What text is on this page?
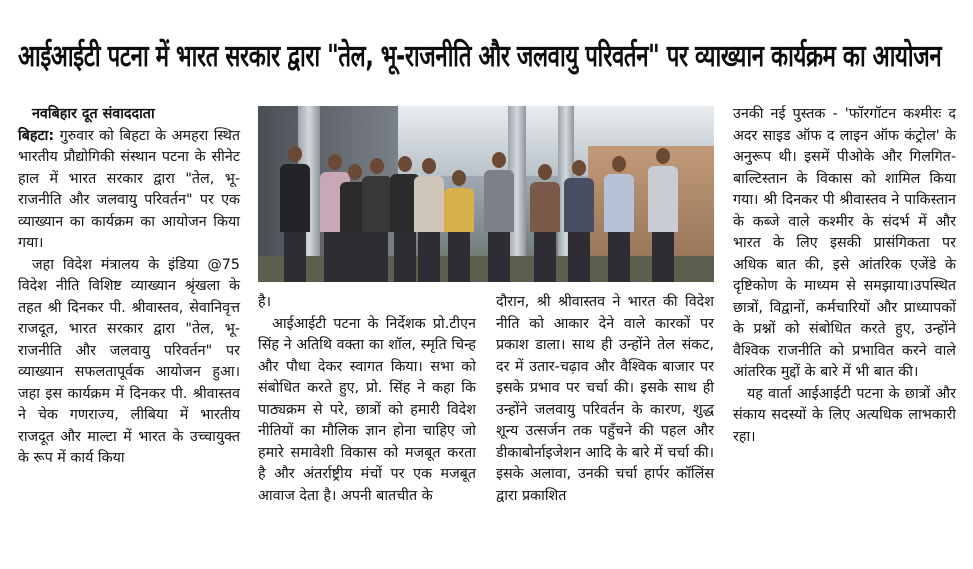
आईआईटी पटना में भारत सरकार द्वारा "तेल, भू-राजनीति और जलवायु परिवर्तन" पर व्याख्यान कार्यक्रम का आयोजन

नवबिहार दूत संवाददाता

बिहटा: गुरुवार को बिहटा के अमहरा स्थित भारतीय प्रौद्योगिकी संस्थान पटना के सीनेट हाल में भारत सरकार द्वारा "तेल, भू-राजनीति और जलवायु परिवर्तन" पर एक व्याख्यान का कार्यक्रम का आयोजन किया गया।

जहा विदेश मंत्रालय के इंडिया @75 विदेश नीति विशिष्ट व्याख्यान श्रृंखला के तहत श्री दिनकर पी. श्रीवास्तव, सेवानिवृत्त राजदूत, भारत सरकार द्वारा "तेल, भू-राजनीति और जलवायु परिवर्तन" पर व्याख्यान सफलतापूर्वक आयोजन हुआ। जहा इस कार्यक्रम में दिनकर पी. श्रीवास्तव ने चेक गणराज्य, लीबिया में भारतीय राजदूत और माल्टा में भारत के उच्चायुक्त के रूप में कार्य किया

है।

आईआईटी पटना के निर्देशक प्रो.टीएन सिंह ने अतिथि वक्ता का शॉल, स्मृति चिन्ह और पौधा देकर स्वागत किया। सभा को संबोधित करते हुए, प्रो. सिंह ने कहा कि पाठ्यक्रम से परे, छात्रों को हमारी विदेश नीतियों का मौलिक ज्ञान होना चाहिए जो हमारे समावेशी विकास को मजबूत करता है और अंतर्राष्ट्रीय मंचों पर एक मजबूत आवाज देता है। अपनी बातचीत के

दौरान, श्री श्रीवास्तव ने भारत की विदेश नीति को आकार देने वाले कारकों पर प्रकाश डाला। साथ ही उन्होंने तेल संकट, दर में उतार-चढ़ाव और वैश्विक बाजार पर इसके प्रभाव पर चर्चा की। इसके साथ ही उन्होंने जलवायु परिवर्तन के कारण, शुद्ध शून्य उत्सर्जन तक पहुँचने की पहल और डीकाबोर्नाइजेशन आदि के बारे में चर्चा की। इसके अलावा, उनकी चर्चा हार्पर कॉलिंस द्वारा प्रकाशित

उनकी नई पुस्तक - 'फॉरगॉटन कश्मीरः द अदर साइड ऑफ द लाइन ऑफ कंट्रोल' के अनुरूप थी। इसमें पीओके और गिलगित-बाल्टिस्तान के विकास को शामिल किया गया। श्री दिनकर पी श्रीवास्तव ने पाकिस्तान के कब्जे वाले कश्मीर के संदर्भ में और भारत के लिए इसकी प्रासंगिकता पर अधिक बात की, इसे आंतरिक एजेंडे के दृष्टिकोण के माध्यम से समझाया।उपस्थित छात्रों, विद्वानों, कर्मचारियों और प्राध्यापकों के प्रश्नों को संबोधित करते हुए, उन्होंने वैश्विक राजनीति को प्रभावित करने वाले आंतरिक मुद्दों के बारे में भी बात की।

यह वार्ता आईआईटी पटना के छात्रों और संकाय सदस्यों के लिए अत्यधिक लाभकारी रहा।
